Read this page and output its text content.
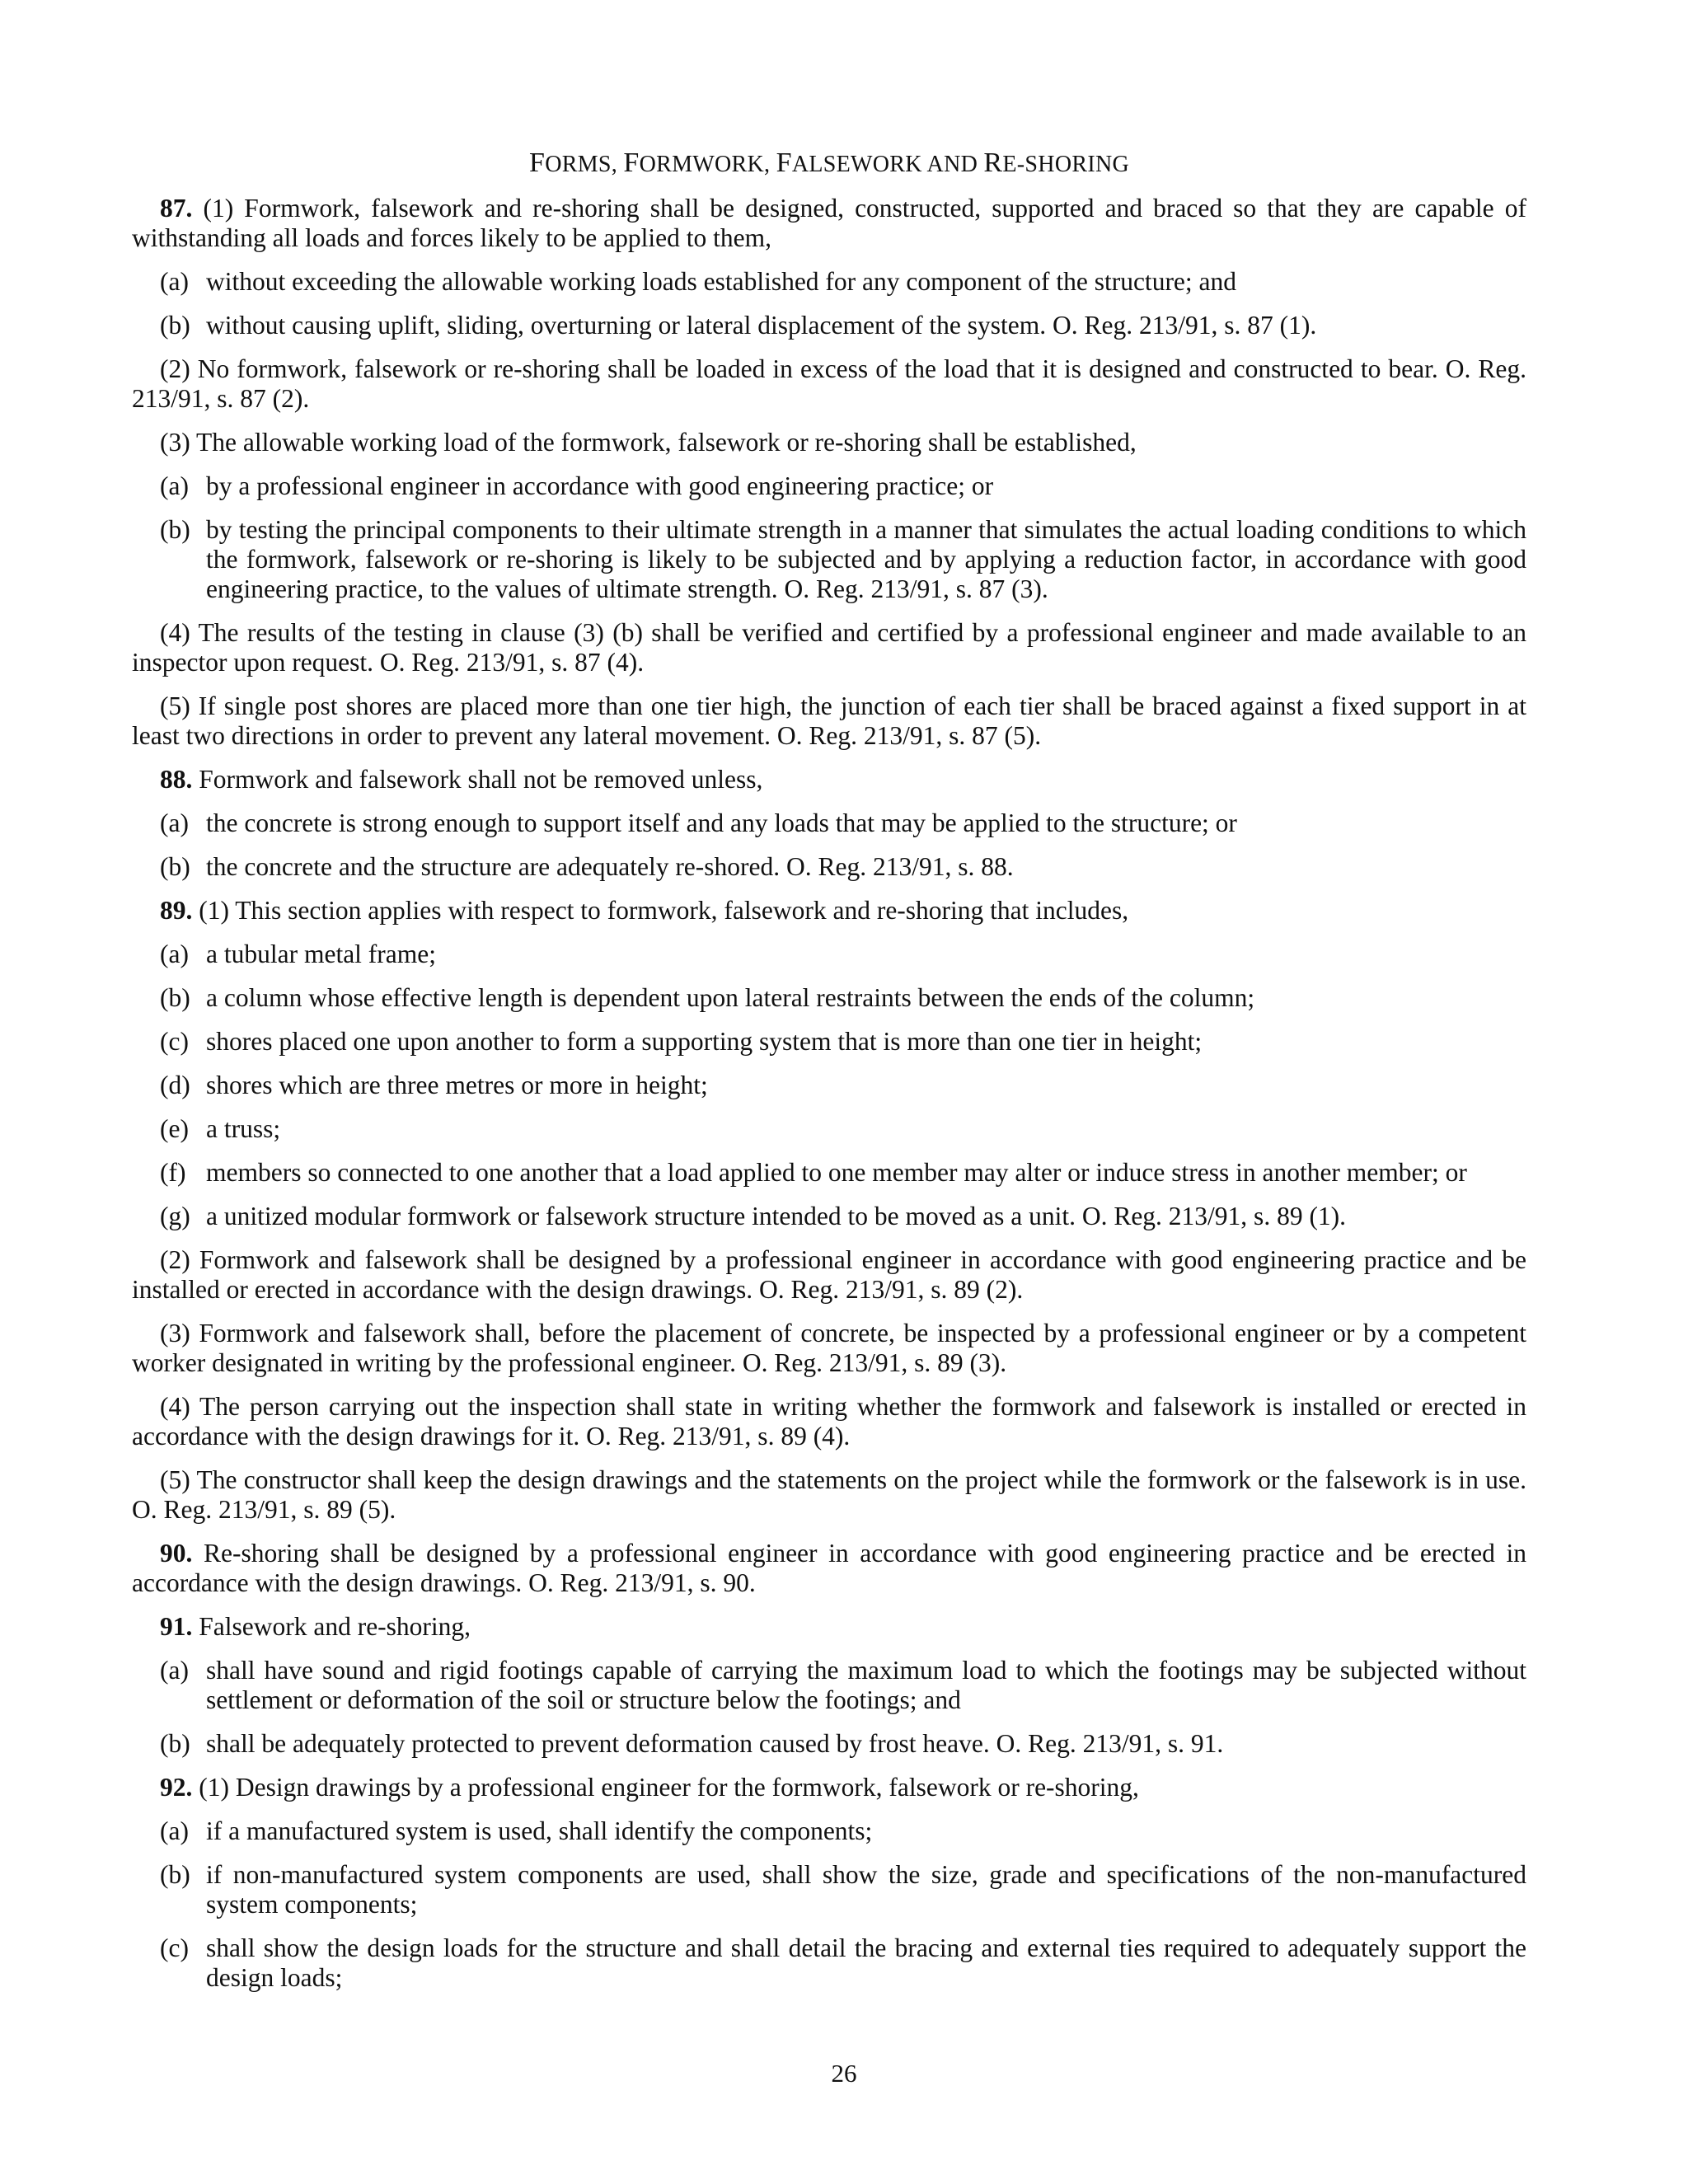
FORMS, FORMWORK, FALSEWORK AND RE-SHORING
87. (1) Formwork, falsework and re-shoring shall be designed, constructed, supported and braced so that they are capable of withstanding all loads and forces likely to be applied to them,
(a) without exceeding the allowable working loads established for any component of the structure; and
(b) without causing uplift, sliding, overturning or lateral displacement of the system. O. Reg. 213/91, s. 87 (1).
(2) No formwork, falsework or re-shoring shall be loaded in excess of the load that it is designed and constructed to bear. O. Reg. 213/91, s. 87 (2).
(3) The allowable working load of the formwork, falsework or re-shoring shall be established,
(a) by a professional engineer in accordance with good engineering practice; or
(b) by testing the principal components to their ultimate strength in a manner that simulates the actual loading conditions to which the formwork, falsework or re-shoring is likely to be subjected and by applying a reduction factor, in accordance with good engineering practice, to the values of ultimate strength. O. Reg. 213/91, s. 87 (3).
(4) The results of the testing in clause (3) (b) shall be verified and certified by a professional engineer and made available to an inspector upon request. O. Reg. 213/91, s. 87 (4).
(5) If single post shores are placed more than one tier high, the junction of each tier shall be braced against a fixed support in at least two directions in order to prevent any lateral movement. O. Reg. 213/91, s. 87 (5).
88. Formwork and falsework shall not be removed unless,
(a) the concrete is strong enough to support itself and any loads that may be applied to the structure; or
(b) the concrete and the structure are adequately re-shored. O. Reg. 213/91, s. 88.
89. (1) This section applies with respect to formwork, falsework and re-shoring that includes,
(a) a tubular metal frame;
(b) a column whose effective length is dependent upon lateral restraints between the ends of the column;
(c) shores placed one upon another to form a supporting system that is more than one tier in height;
(d) shores which are three metres or more in height;
(e) a truss;
(f) members so connected to one another that a load applied to one member may alter or induce stress in another member; or
(g) a unitized modular formwork or falsework structure intended to be moved as a unit. O. Reg. 213/91, s. 89 (1).
(2) Formwork and falsework shall be designed by a professional engineer in accordance with good engineering practice and be installed or erected in accordance with the design drawings. O. Reg. 213/91, s. 89 (2).
(3) Formwork and falsework shall, before the placement of concrete, be inspected by a professional engineer or by a competent worker designated in writing by the professional engineer. O. Reg. 213/91, s. 89 (3).
(4) The person carrying out the inspection shall state in writing whether the formwork and falsework is installed or erected in accordance with the design drawings for it. O. Reg. 213/91, s. 89 (4).
(5) The constructor shall keep the design drawings and the statements on the project while the formwork or the falsework is in use. O. Reg. 213/91, s. 89 (5).
90. Re-shoring shall be designed by a professional engineer in accordance with good engineering practice and be erected in accordance with the design drawings. O. Reg. 213/91, s. 90.
91. Falsework and re-shoring,
(a) shall have sound and rigid footings capable of carrying the maximum load to which the footings may be subjected without settlement or deformation of the soil or structure below the footings; and
(b) shall be adequately protected to prevent deformation caused by frost heave. O. Reg. 213/91, s. 91.
92. (1) Design drawings by a professional engineer for the formwork, falsework or re-shoring,
(a) if a manufactured system is used, shall identify the components;
(b) if non-manufactured system components are used, shall show the size, grade and specifications of the non-manufactured system components;
(c) shall show the design loads for the structure and shall detail the bracing and external ties required to adequately support the design loads;
26
